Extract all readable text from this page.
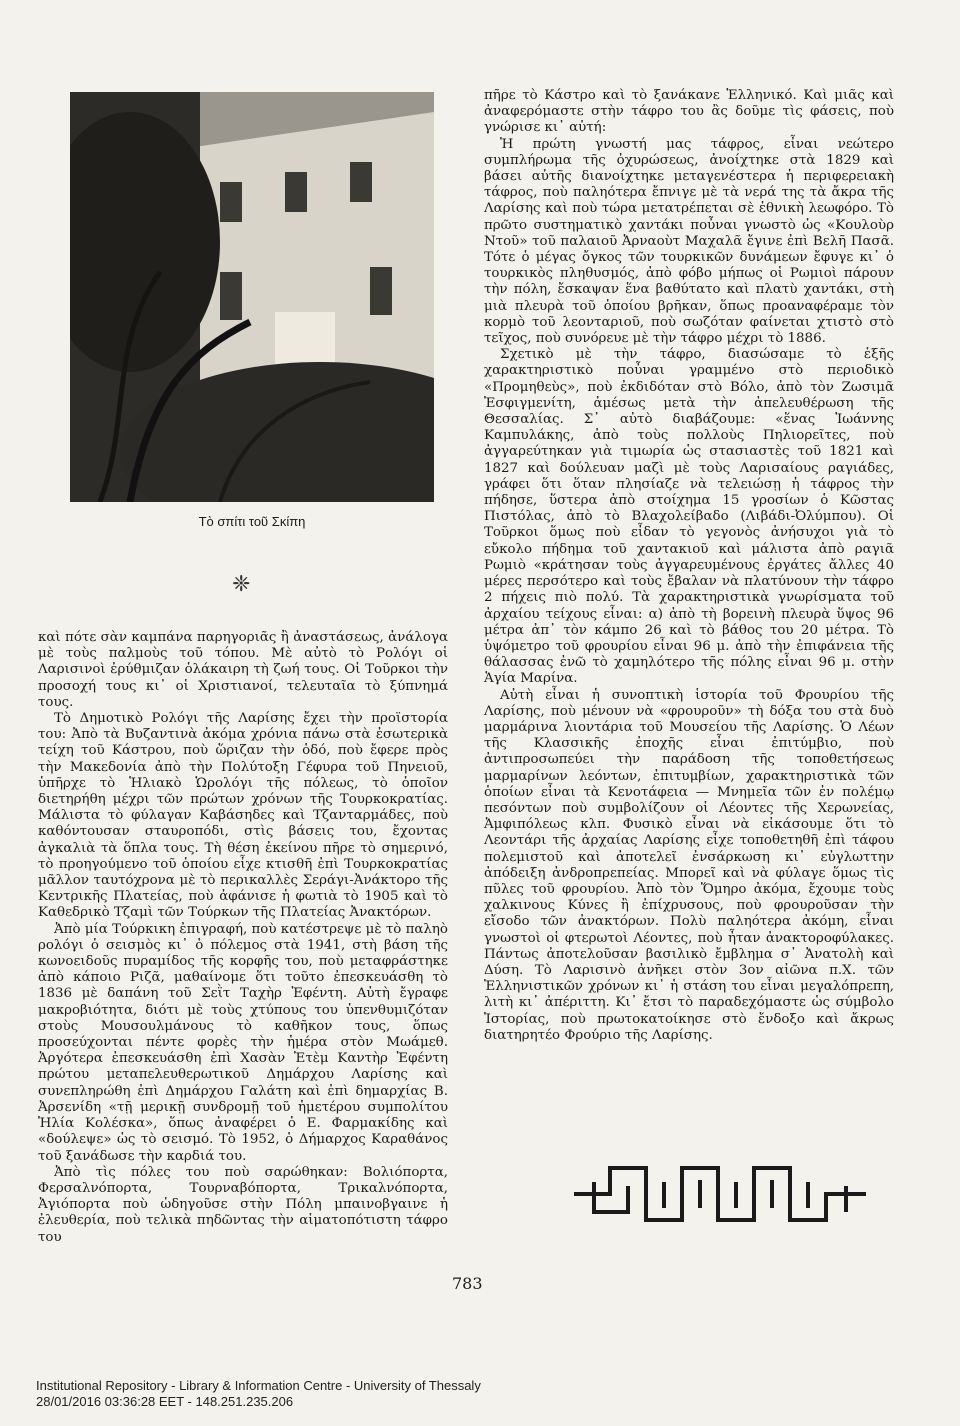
Τὸ σπίτι τοῦ Σκίπη
❈

καὶ πότε σὰν καμπάνα παρηγοριᾶς ἢ ἀναστάσεως, ἀνάλογα μὲ τοὺς παλμοὺς τοῦ τόπου. Μὲ αὐτὸ τὸ Ρολόγι οἱ Λαρισινοὶ ἐρύθμιζαν ὁλάκαιρη τὴ ζωή τους. Οἱ Τοῦρκοι τὴν προσοχή τους κι᾽ οἱ Χριστιανοί, τελευταῖα τὸ ξύπνημά τους.

Τὸ Δημοτικὸ Ρολόγι τῆς Λαρίσης ἔχει τὴν προϊστορία του: Ἀπὸ τὰ Βυζαντινὰ ἀκόμα χρόνια πάνω στὰ ἐσωτερικὰ τείχη τοῦ Κάστρου, ποὺ ὥριζαν τὴν ὁδό, ποὺ ἔφερε πρὸς τὴν Μακεδονία ἀπὸ τὴν Πολύτοξη Γέφυρα τοῦ Πηνειοῦ, ὑπῆρχε τὸ Ἡλιακὸ Ὡρολόγι τῆς πόλεως, τὸ ὁποῖον διετηρήθη μέχρι τῶν πρώτων χρόνων τῆς Τουρκοκρατίας. Μάλιστα τὸ φύλαγαν Καβάσηδες καὶ Τζανταρμάδες, ποὺ καθόντουσαν σταυροπόδι, στὶς βάσεις του, ἔχοντας ἀγκαλιὰ τὰ ὅπλα τους. Τὴ θέση ἐκείνου πῆρε τὸ σημερινό, τὸ προηγούμενο τοῦ ὁποίου εἶχε κτισθῆ ἐπὶ Τουρκοκρατίας μᾶλλον ταυτόχρονα μὲ τὸ περικαλλὲς Σεράγι-Ἀνάκτορο τῆς Κεντρικῆς Πλατείας, ποὺ ἀφάνισε ἡ φωτιὰ τὸ 1905 καὶ τὸ Καθεδρικὸ Τζαμὶ τῶν Τούρκων τῆς Πλατείας Ἀνακτόρων.

Ἀπὸ μία Τούρκικη ἐπιγραφή, ποὺ κατέστρεψε μὲ τὸ παληὸ ρολόγι ὁ σεισμὸς κι᾽ ὁ πόλεμος στὰ 1941, στὴ βάση τῆς κωνοειδοῦς πυραμίδος τῆς κορφῆς του, ποὺ μεταφράστηκε ἀπὸ κάποιο Ριζᾶ, μαθαίνομε ὅτι τοῦτο ἐπεσκευάσθη τὸ 1836 μὲ δαπάνη τοῦ Σεῒτ Ταχὴρ Ἐφέντη. Αὐτὴ ἔγραφε μακροβιότητα, διότι μὲ τοὺς χτύπους του ὑπενθυμιζόταν στοὺς Μουσουλμάνους τὸ καθῆκον τους, ὅπως προσεύχονται πέντε φορὲς τὴν ἡμέρα στὸν Μωάμεθ. Ἀργότερα ἐπεσκευάσθη ἐπὶ Χασὰν Ἐτὲμ Καντὴρ Ἐφέντη πρώτου μεταπελευθερωτικοῦ Δημάρχου Λαρίσης καὶ συνεπληρώθη ἐπὶ Δημάρχου Γαλάτη καὶ ἐπὶ δημαρχίας Β. Ἀρσενίδη «τῇ μερικῇ συνδρομῇ τοῦ ἡμετέρου συμπολίτου Ἠλία Κολέσκα», ὅπως ἀναφέρει ὁ Ε. Φαρμακίδης καὶ «δούλεψε» ὡς τὸ σεισμό. Τὸ 1952, ὁ Δήμαρχος Καραθάνος τοῦ ξανάδωσε τὴν καρδιά του.

Ἀπὸ τὶς πόλες του ποὺ σαρώθηκαν: Βολιόπορτα, Φερσαλνόπορτα, Τουρναβόπορτα, Τρικαλνόπορτα, Ἀγιόπορτα ποὺ ὡδηγοῦσε στὴν Πόλη μπαινοβγαινε ἡ ἐλευθερία, ποὺ τελικὰ πηδῶντας τὴν αἱματοπότιστη τάφρο του

πῆρε τὸ Κάστρο καὶ τὸ ξανάκανε Ἑλληνικό. Καὶ μιᾶς καὶ ἀναφερόμαστε στὴν τάφρο του ἂς δοῦμε τὶς φάσεις, ποὺ γνώρισε κι᾽ αὐτή:

Ἡ πρώτη γνωστή μας τάφρος, εἶναι νεώτερο συμπλήρωμα τῆς ὀχυρώσεως, ἀνοίχτηκε στὰ 1829 καὶ βάσει αὐτῆς διανοίχτηκε μεταγενέστερα ἡ περιφερειακὴ τάφρος, ποὺ παληότερα ἔπνιγε μὲ τὰ νερά της τὰ ἄκρα τῆς Λαρίσης καὶ ποὺ τώρα μετατρέπεται σὲ ἐθνικὴ λεωφόρο. Τὸ πρῶτο συστηματικὸ χαντάκι ποὖναι γνωστὸ ὡς «Κουλοὺρ Ντοῦ» τοῦ παλαιοῦ Ἀρναοὺτ Μαχαλᾶ ἔγινε ἐπὶ Βελῆ Πασᾶ. Τότε ὁ μέγας ὄγκος τῶν τουρκικῶν δυνάμεων ἔφυγε κι᾽ ὁ τουρκικὸς πληθυσμός, ἀπὸ φόβο μήπως οἱ Ρωμιοὶ πάρουν τὴν πόλη, ἔσκαψαν ἕνα βαθύτατο καὶ πλατὺ χαντάκι, στὴ μιὰ πλευρὰ τοῦ ὁποίου βρῆκαν, ὅπως προαναφέραμε τὸν κορμὸ τοῦ λεονταριοῦ, ποὺ σωζόταν φαίνεται χτιστὸ στὸ τεῖχος, ποὺ συνόρευε μὲ τὴν τάφρο μέχρι τὸ 1886.

Σχετικὸ μὲ τὴν τάφρο, διασώσαμε τὸ ἑξῆς χαρακτηριστικὸ ποὖναι γραμμένο στὸ περιοδικὸ «Προμηθεὺς», ποὺ ἐκδιδόταν στὸ Βόλο, ἀπὸ τὸν Ζωσιμᾶ Ἐσφιγμενίτη, ἀμέσως μετὰ τὴν ἀπελευθέρωση τῆς Θεσσαλίας. Σ᾽ αὐτὸ διαβάζουμε: «ἕνας Ἰωάννης Καμπυλάκης, ἀπὸ τοὺς πολλοὺς Πηλιορεῖτες, ποὺ ἀγγαρεύτηκαν γιὰ τιμωρία ὡς στασιαστὲς τοῦ 1821 καὶ 1827 καὶ δούλευαν μαζὶ μὲ τοὺς Λαρισαίους ραγιάδες, γράφει ὅτι ὅταν πλησίαζε νὰ τελειώσῃ ἡ τάφρος τὴν πήδησε, ὕστερα ἀπὸ στοίχημα 15 γροσίων ὁ Κῶστας Πιστόλας, ἀπὸ τὸ Βλαχολείβαδο (Λιβάδι-Ὀλύμπου). Οἱ Τοῦρκοι ὅμως ποὺ εἶδαν τὸ γεγονὸς ἀνήσυχοι γιὰ τὸ εὔκολο πήδημα τοῦ χαντακιοῦ καὶ μάλιστα ἀπὸ ραγιᾶ Ρωμιὸ «κράτησαν τοὺς ἀγγαρευμένους ἐργάτες ἄλλες 40 μέρες περσότερο καὶ τοὺς ἔβαλαν νὰ πλατύνουν τὴν τάφρο 2 πήχεις πιὸ πολύ. Τὰ χαρακτηριστικὰ γνωρίσματα τοῦ ἀρχαίου τείχους εἶναι: α) ἀπὸ τὴ βορεινὴ πλευρὰ ὕψος 96 μέτρα ἀπ᾽ τὸν κάμπο 26 καὶ τὸ βάθος του 20 μέτρα. Τὸ ὑψόμετρο τοῦ φρουρίου εἶναι 96 μ. ἀπὸ τὴν ἐπιφάνεια τῆς θάλασσας ἐνῶ τὸ χαμηλότερο τῆς πόλης εἶναι 96 μ. στὴν Ἁγία Μαρίνα.

Αὐτὴ εἶναι ἡ συνοπτικὴ ἱστορία τοῦ Φρουρίου τῆς Λαρίσης, ποὺ μένουν νὰ «φρουροῦν» τὴ δόξα του στὰ δυὸ μαρμάρινα λιοντάρια τοῦ Μουσείου τῆς Λαρίσης. Ὁ Λέων τῆς Κλασσικῆς ἐποχῆς εἶναι ἐπιτύμβιο, ποὺ ἀντιπροσωπεύει τὴν παράδοση τῆς τοποθετήσεως μαρμαρίνων λεόντων, ἐπιτυμβίων, χαρακτηριστικὰ τῶν ὁποίων εἶναι τὰ Κενοτάφεια — Μνημεῖα τῶν ἐν πολέμῳ πεσόντων ποὺ συμβολίζουν οἱ Λέοντες τῆς Χερωνείας, Ἀμφιπόλεως κλπ. Φυσικὸ εἶναι νὰ εἰκάσουμε ὅτι τὸ Λεοντάρι τῆς ἀρχαίας Λαρίσης εἶχε τοποθετηθῆ ἐπὶ τάφου πολεμιστοῦ καὶ ἀποτελεῖ ἐνσάρκωση κι᾽ εὐγλωττην ἀπόδειξη ἀνδροπρεπείας. Μπορεῖ καὶ νὰ φύλαγε ὅμως τὶς πῦλες τοῦ φρουρίου. Ἀπὸ τὸν Ὅμηρο ἀκόμα, ἔχουμε τοὺς χαλκινους Κύνες ἢ ἐπίχρυσους, ποὺ φρουροῦσαν τὴν εἴσοδο τῶν ἀνακτόρων. Πολὺ παληότερα ἀκόμη, εἶναι γνωστοὶ οἱ φτερωτοὶ Λέοντες, ποὺ ἦταν ἀνακτοροφύλακες. Πάντως ἀποτελοῦσαν βασιλικὸ ἔμβλημα σ᾽ Ἀνατολὴ καὶ Δύση. Τὸ Λαρισινὸ ἀνῆκει στὸν 3ον αἰῶνα π.Χ. τῶν Ἑλληνιστικῶν χρόνων κι᾽ ἡ στάση του εἶναι μεγαλόπρεπη, λιτὴ κι᾽ ἀπέριττη. Κι᾽ ἔτσι τὸ παραδεχόμαστε ὡς σύμβολο Ἱστορίας, ποὺ πρωτοκατοίκησε στὸ ἔνδοξο καὶ ἄκρως διατηρητέο Φρούριο τῆς Λαρίσης.

783
Institutional Repository - Library & Information Centre - University of Thessaly
28/01/2016 03:36:28 EET - 148.251.235.206
